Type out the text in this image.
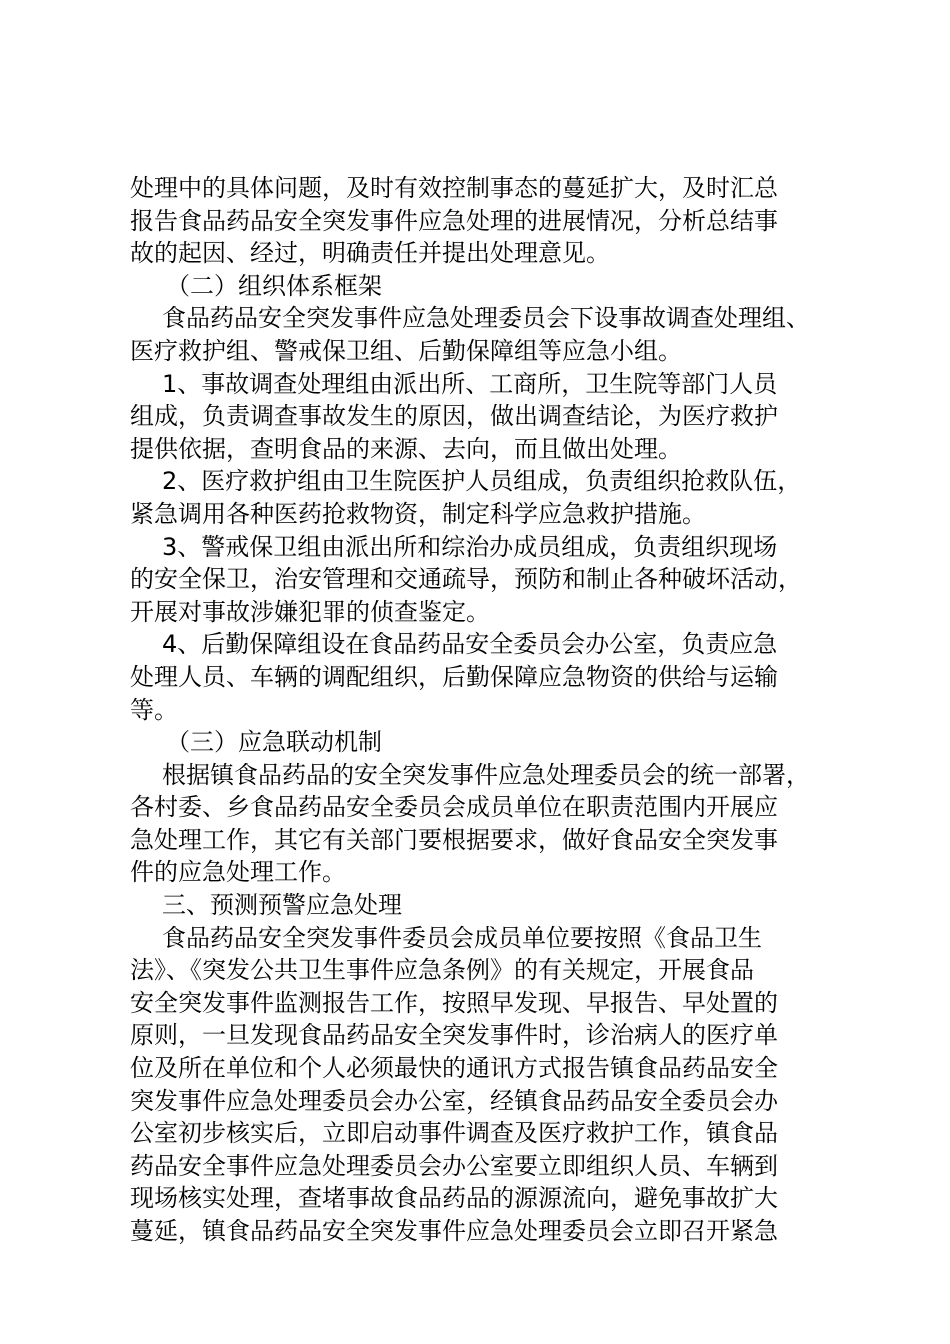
处理中的具体问题，及时有效控制事态的蔓延扩大，及时汇总
报告食品药品安全突发事件应急处理的进展情况，分析总结事
故的起因、经过，明确责任并提出处理意见。
（二）组织体系框架
食品药品安全突发事件应急处理委员会下设事故调查处理组、
医疗救护组、警戒保卫组、后勤保障组等应急小组。
1、事故调查处理组由派出所、工商所，卫生院等部门人员
组成，负责调查事故发生的原因，做出调查结论，为医疗救护
提供依据，查明食品的来源、去向，而且做出处理。
2、医疗救护组由卫生院医护人员组成，负责组织抢救队伍，
紧急调用各种医药抢救物资，制定科学应急救护措施。
3、警戒保卫组由派出所和综治办成员组成，负责组织现场
的安全保卫，治安管理和交通疏导，预防和制止各种破坏活动，
开展对事故涉嫌犯罪的侦查鉴定。
4、后勤保障组设在食品药品安全委员会办公室，负责应急
处理人员、车辆的调配组织，后勤保障应急物资的供给与运输
等。
（三）应急联动机制
根据镇食品药品的安全突发事件应急处理委员会的统一部署，
各村委、乡食品药品安全委员会成员单位在职责范围内开展应
急处理工作，其它有关部门要根据要求，做好食品安全突发事
件的应急处理工作。
三、预测预警应急处理
食品药品安全突发事件委员会成员单位要按照《食品卫生
法》、《突发公共卫生事件应急条例》的有关规定，开展食品
安全突发事件监测报告工作，按照早发现、早报告、早处置的
原则，一旦发现食品药品安全突发事件时，诊治病人的医疗单
位及所在单位和个人必须最快的通讯方式报告镇食品药品安全
突发事件应急处理委员会办公室，经镇食品药品安全委员会办
公室初步核实后，立即启动事件调查及医疗救护工作，镇食品
药品安全事件应急处理委员会办公室要立即组织人员、车辆到
现场核实处理，查堵事故食品药品的源源流向，避免事故扩大
蔓延，镇食品药品安全突发事件应急处理委员会立即召开紧急
